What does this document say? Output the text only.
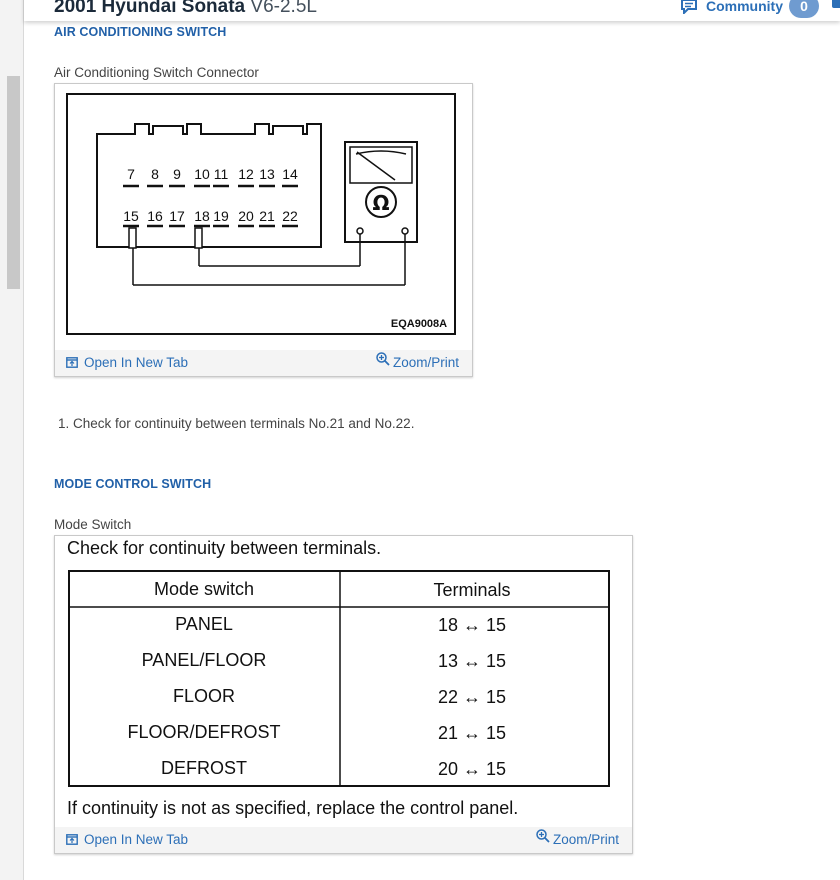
2001 Hyundai Sonata V6-2.5L	Community	0
AIR CONDITIONING SWITCH
Air Conditioning Switch Connector
Ω
7 8 9 10 11 12 13 14
15 16 17 18 19 20 21 22
EQA9008A
Open In New Tab	Zoom/Print
1. Check for continuity between terminals No.21 and No.22.
MODE CONTROL SWITCH
Mode Switch
Check for continuity between terminals.
Mode switch	Terminals
PANEL	18 ↔ 15
PANEL/FLOOR	13 ↔ 15
FLOOR	22 ↔ 15
FLOOR/DEFROST	21 ↔ 15
DEFROST	20 ↔ 15
If continuity is not as specified, replace the control panel.
Open In New Tab	Zoom/Print
